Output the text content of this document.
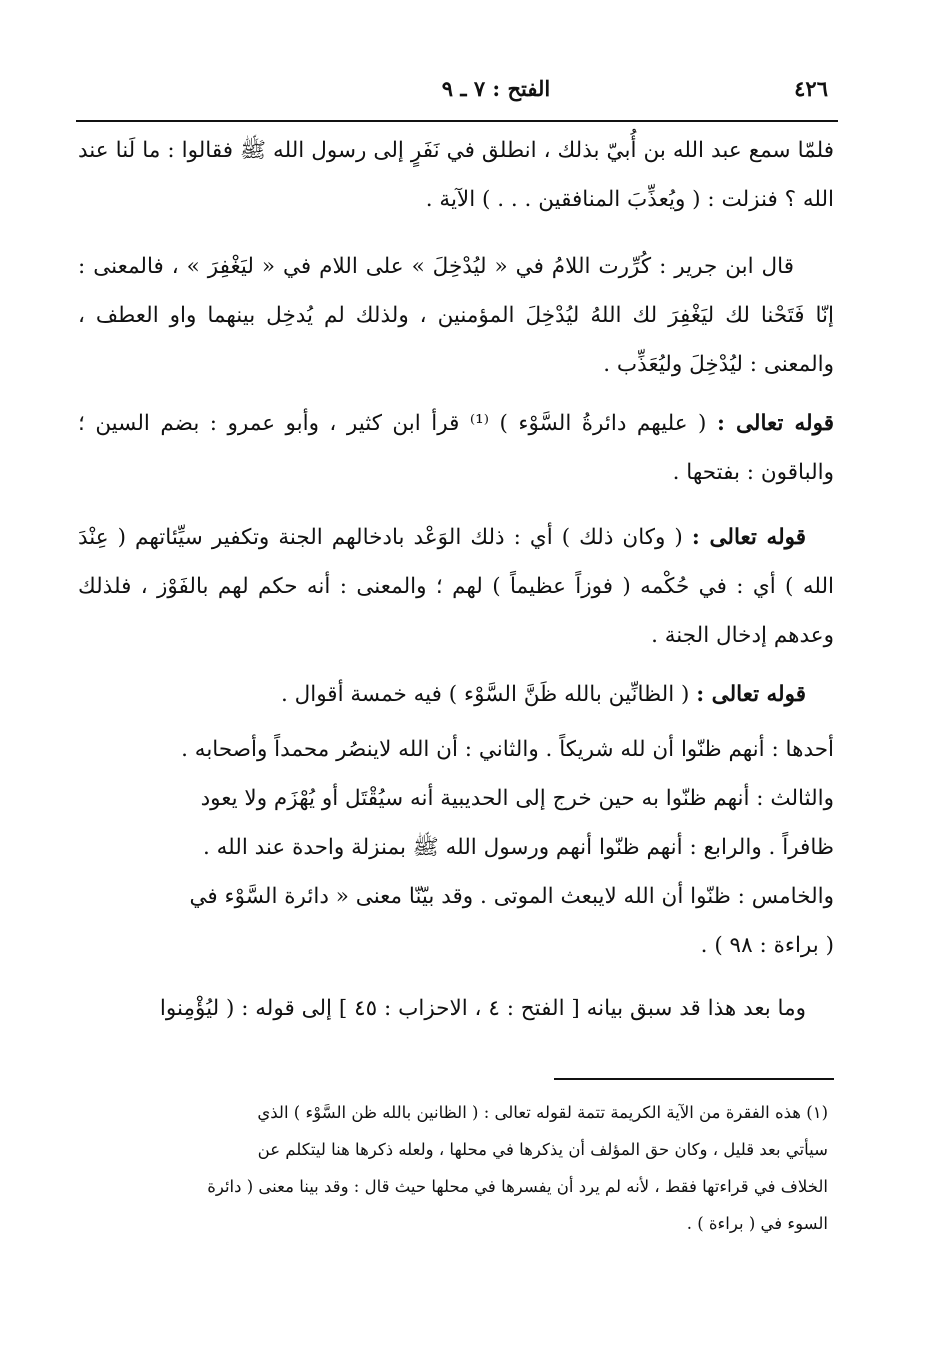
٤٢٦
الفتح : ٧ ـ ٩

فلمّا سمع عبد الله بن أُبيّ بذلك ، انطلق في نَفَرٍ إلى رسول الله ﷺ فقالوا : ما لَنا عند الله ؟ فنزلت : ( ويُعذِّبَ المنافقين . . . ) الآية .

قال ابن جرير : كُرِّرت اللامُ في « ليُدْخِلَ » على اللام في « ليَغْفِرَ » ، فالمعنى : إنّا فَتَحْنا لك ليَغْفِرَ لك اللهُ ليُدْخِلَ المؤمنين ، ولذلك لم يُدخِل بينهما واو العطف ، والمعنى : ليُدْخِلَ وليُعَذِّب .

قوله تعالى : ( عليهم دائرةُ السَّوْء ) ⁽¹⁾ قرأ ابن كثير ، وأبو عمرو : بضم السين ؛ والباقون : بفتحها .

قوله تعالى : ( وكان ذلك ) أي : ذلك الوَعْد بادخالهم الجنة وتكفير سيِّئاتهم ( عِنْدَ الله ) أي : في حُكْمه ( فوزاً عظيماً ) لهم ؛ والمعنى : أنه حكم لهم بالفَوْز ، فلذلك وعدهم إدخال الجنة .

قوله تعالى : ( الظانِّين بالله ظَنَّ السَّوْء ) فيه خمسة أقوال .

أحدها : أنهم ظنّوا أن لله شريكاً . والثاني : أن الله لاينصُر محمداً وأصحابه .
والثالث : أنهم ظنّوا به حين خرج إلى الحديبية أنه سيُقْتَل أو يُهْزَم ولا يعود
ظافراً . والرابع : أنهم ظنّوا أنهم ورسول الله ﷺ بمنزلة واحدة عند الله .
والخامس : ظنّوا أن الله لايبعث الموتى . وقد بيّنّا معنى « دائرة السَّوْء في
( براءة : ٩٨ ) .

وما بعد هذا قد سبق بيانه [ الفتح : ٤ ، الاحزاب : ٤٥ ] إلى قوله : ( ليُؤْمِنوا

(١) هذه الفقرة من الآية الكريمة تتمة لقوله تعالى : ( الظانين بالله ظن السَّوْء ) الذي
سيأتي بعد قليل ، وكان حق المؤلف أن يذكرها في محلها ، ولعله ذكرها هنا ليتكلم عن
الخلاف في قراءتها فقط ، لأنه لم يرد أن يفسرها في محلها حيث قال : وقد بينا معنى ( دائرة
السوء في ( براءة ) .
